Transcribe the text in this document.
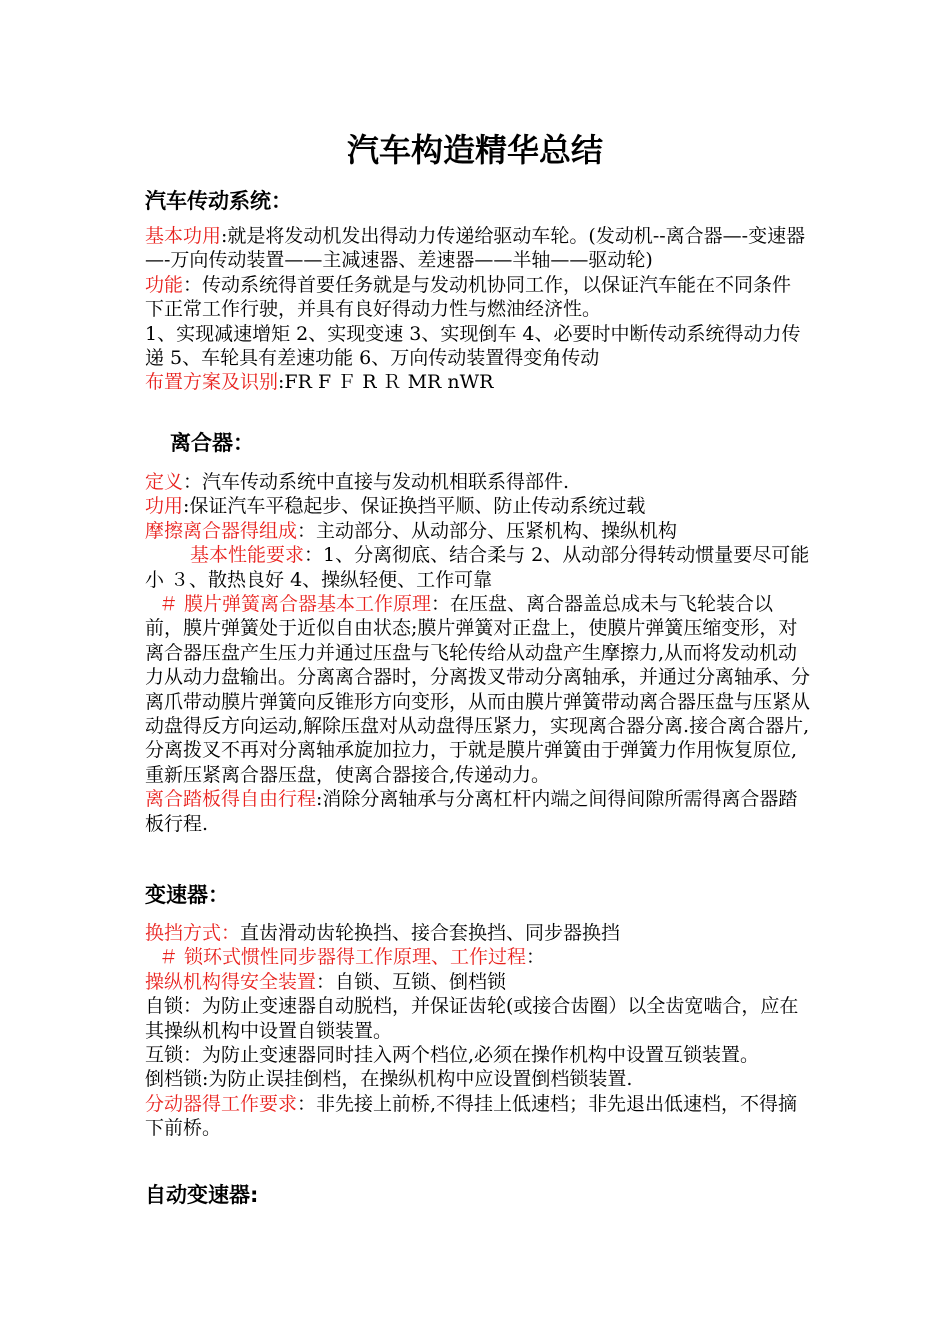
汽车构造精华总结
汽车传动系统：

基本功用:就是将发动机发出得动力传递给驱动车轮。(发动机--离合器—-变速器—-万向传动装置——主减速器、差速器——半轴——驱动轮)

功能：传动系统得首要任务就是与发动机协同工作，以保证汽车能在不同条件下正常工作行驶，并具有良好得动力性与燃油经济性。

1、实现减速增矩 2、实现变速 3、实现倒车 4、必要时中断传动系统得动力传递 5、车轮具有差速功能 6、万向传动装置得变角传动

布置方案及识别:FR F Ｆ R Ｒ MR nWR

离合器：

定义：汽车传动系统中直接与发动机相联系得部件.

功用:保证汽车平稳起步、保证换挡平顺、防止传动系统过载

摩擦离合器得组成：主动部分、从动部分、压紧机构、操纵机构

基本性能要求：1、分离彻底、结合柔与 2、从动部分得转动惯量要尽可能小 ３、散热良好 4、操纵轻便、工作可靠

＃ 膜片弹簧离合器基本工作原理：在压盘、离合器盖总成未与飞轮装合以前，膜片弹簧处于近似自由状态;膜片弹簧对正盘上，使膜片弹簧压缩变形，对离合器压盘产生压力并通过压盘与飞轮传给从动盘产生摩擦力,从而将发动机动力从动力盘输出。分离离合器时，分离拨叉带动分离轴承，并通过分离轴承、分离爪带动膜片弹簧向反锥形方向变形，从而由膜片弹簧带动离合器压盘与压紧从动盘得反方向运动,解除压盘对从动盘得压紧力，实现离合器分离.接合离合器片,分离拨叉不再对分离轴承旋加拉力，于就是膜片弹簧由于弹簧力作用恢复原位,重新压紧离合器压盘，使离合器接合,传递动力。

离合踏板得自由行程:消除分离轴承与分离杠杆内端之间得间隙所需得离合器踏板行程.

变速器：

换挡方式：直齿滑动齿轮换挡、接合套换挡、同步器换挡

＃ 锁环式惯性同步器得工作原理、工作过程：

操纵机构得安全装置：自锁、互锁、倒档锁

自锁：为防止变速器自动脱档，并保证齿轮(或接合齿圈）以全齿宽啮合，应在其操纵机构中设置自锁装置。

互锁：为防止变速器同时挂入两个档位,必须在操作机构中设置互锁装置。

倒档锁:为防止误挂倒档，在操纵机构中应设置倒档锁装置.

分动器得工作要求：非先接上前桥,不得挂上低速档；非先退出低速档，不得摘下前桥。

自动变速器:
